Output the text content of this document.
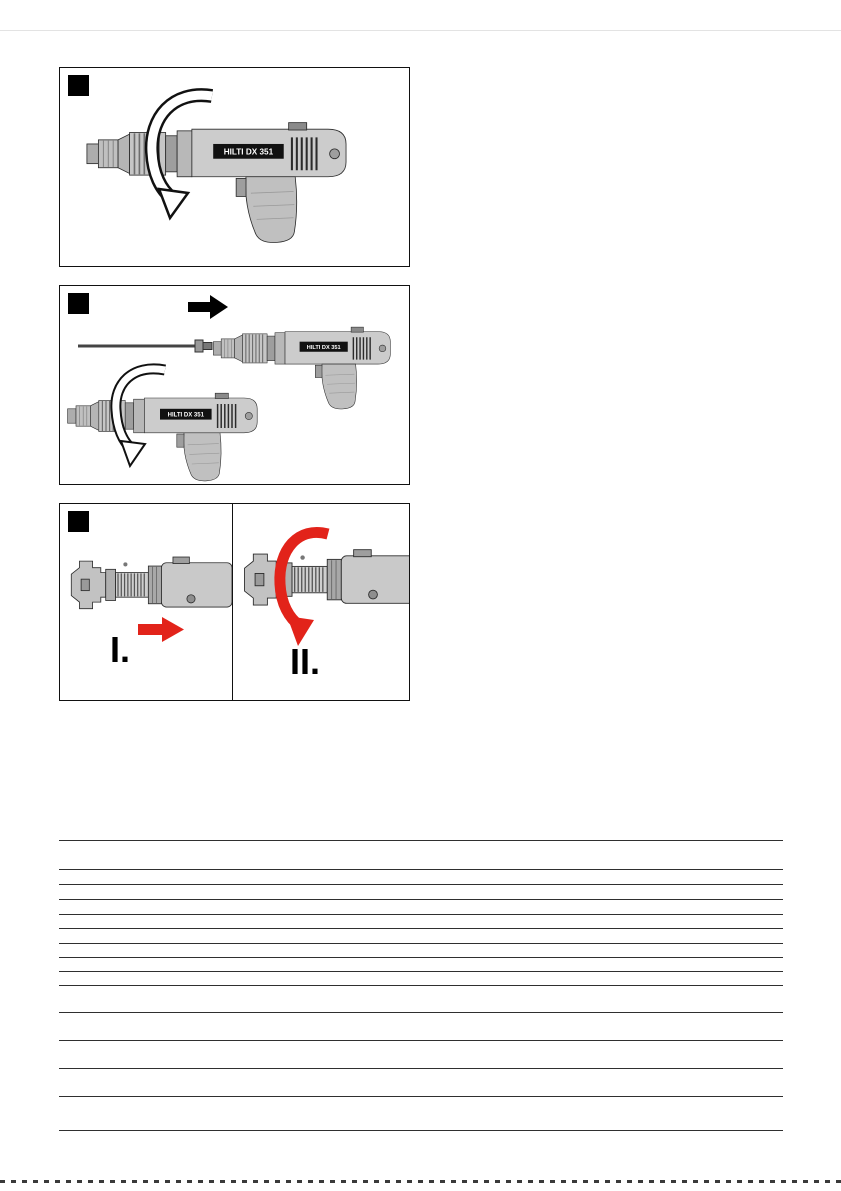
I.	II.
